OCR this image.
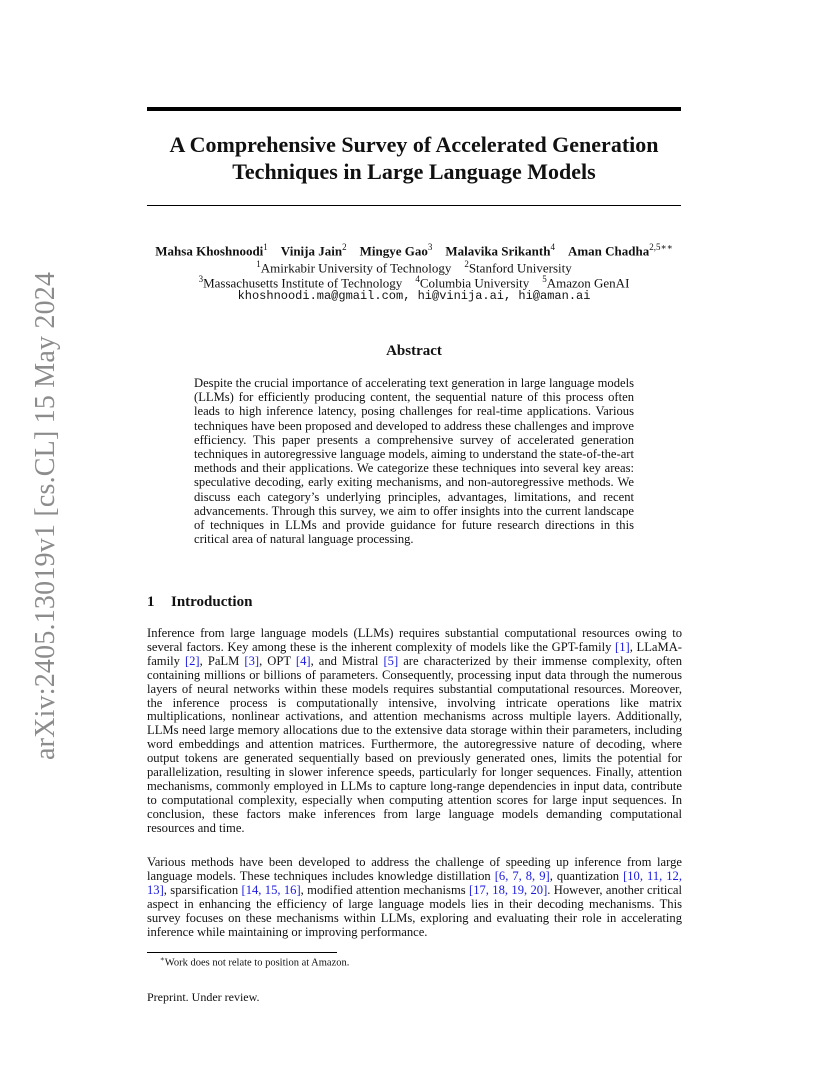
A Comprehensive Survey of Accelerated Generation Techniques in Large Language Models
Mahsa Khoshnoodi$^1$  Vinija Jain$^2$  Mingye Gao$^3$  Malavika Srikanth$^4$  Aman Chadha$^{2,5∗∗}$
$^1$Amirkabir University of Technology  $^2$Stanford University
$^3$Massachusetts Institute of Technology  $^4$Columbia University  $^5$Amazon GenAI
khoshnoodi.ma@gmail.com, hi@vinija.ai, hi@aman.ai
Abstract
Despite the crucial importance of accelerating text generation in large language models (LLMs) for efficiently producing content, the sequential nature of this process often leads to high inference latency, posing challenges for real-time applications. Various techniques have been proposed and developed to address these challenges and improve efficiency. This paper presents a comprehensive survey of accelerated generation techniques in autoregressive language models, aiming to understand the state-of-the-art methods and their applications. We categorize these techniques into several key areas: speculative decoding, early exiting mechanisms, and non-autoregressive methods. We discuss each category’s underlying principles, advantages, limitations, and recent advancements. Through this survey, we aim to offer insights into the current landscape of techniques in LLMs and provide guidance for future research directions in this critical area of natural language processing.
arXiv:2405.13019v1 [cs.CL] 15 May 2024	1 Introduction
Inference from large language models (LLMs) requires substantial computational resources owing to several factors. Key among these is the inherent complexity of models like the GPT-family [1], LLaMA-family [2], PaLM [3], OPT [4], and Mistral [5] are characterized by their immense complexity, often containing millions or billions of parameters. Consequently, processing input data through the numerous layers of neural networks within these models requires substantial computational resources. Moreover, the inference process is computationally intensive, involving intricate operations like matrix multiplications, nonlinear activations, and attention mechanisms across multiple layers. Additionally, LLMs need large memory allocations due to the extensive data storage within their parameters, including word embeddings and attention matrices. Furthermore, the autoregressive nature of decoding, where output tokens are generated sequentially based on previously generated ones, limits the potential for parallelization, resulting in slower inference speeds, particularly for longer sequences. Finally, attention mechanisms, commonly employed in LLMs to capture long-range dependencies in input data, contribute to computational complexity, especially when computing attention scores for large input sequences. In conclusion, these factors make inferences from large language models demanding computational resources and time.
Various methods have been developed to address the challenge of speeding up inference from large language models. These techniques includes knowledge distillation [6, 7, 8, 9], quantization [10, 11, 12, 13], sparsification [14, 15, 16], modified attention mechanisms [17, 18, 19, 20]. However, another critical aspect in enhancing the efficiency of large language models lies in their decoding mechanisms. This survey focuses on these mechanisms within LLMs, exploring and evaluating their role in accelerating inference while maintaining or improving performance.
∗Work does not relate to position at Amazon.
Preprint. Under review.
